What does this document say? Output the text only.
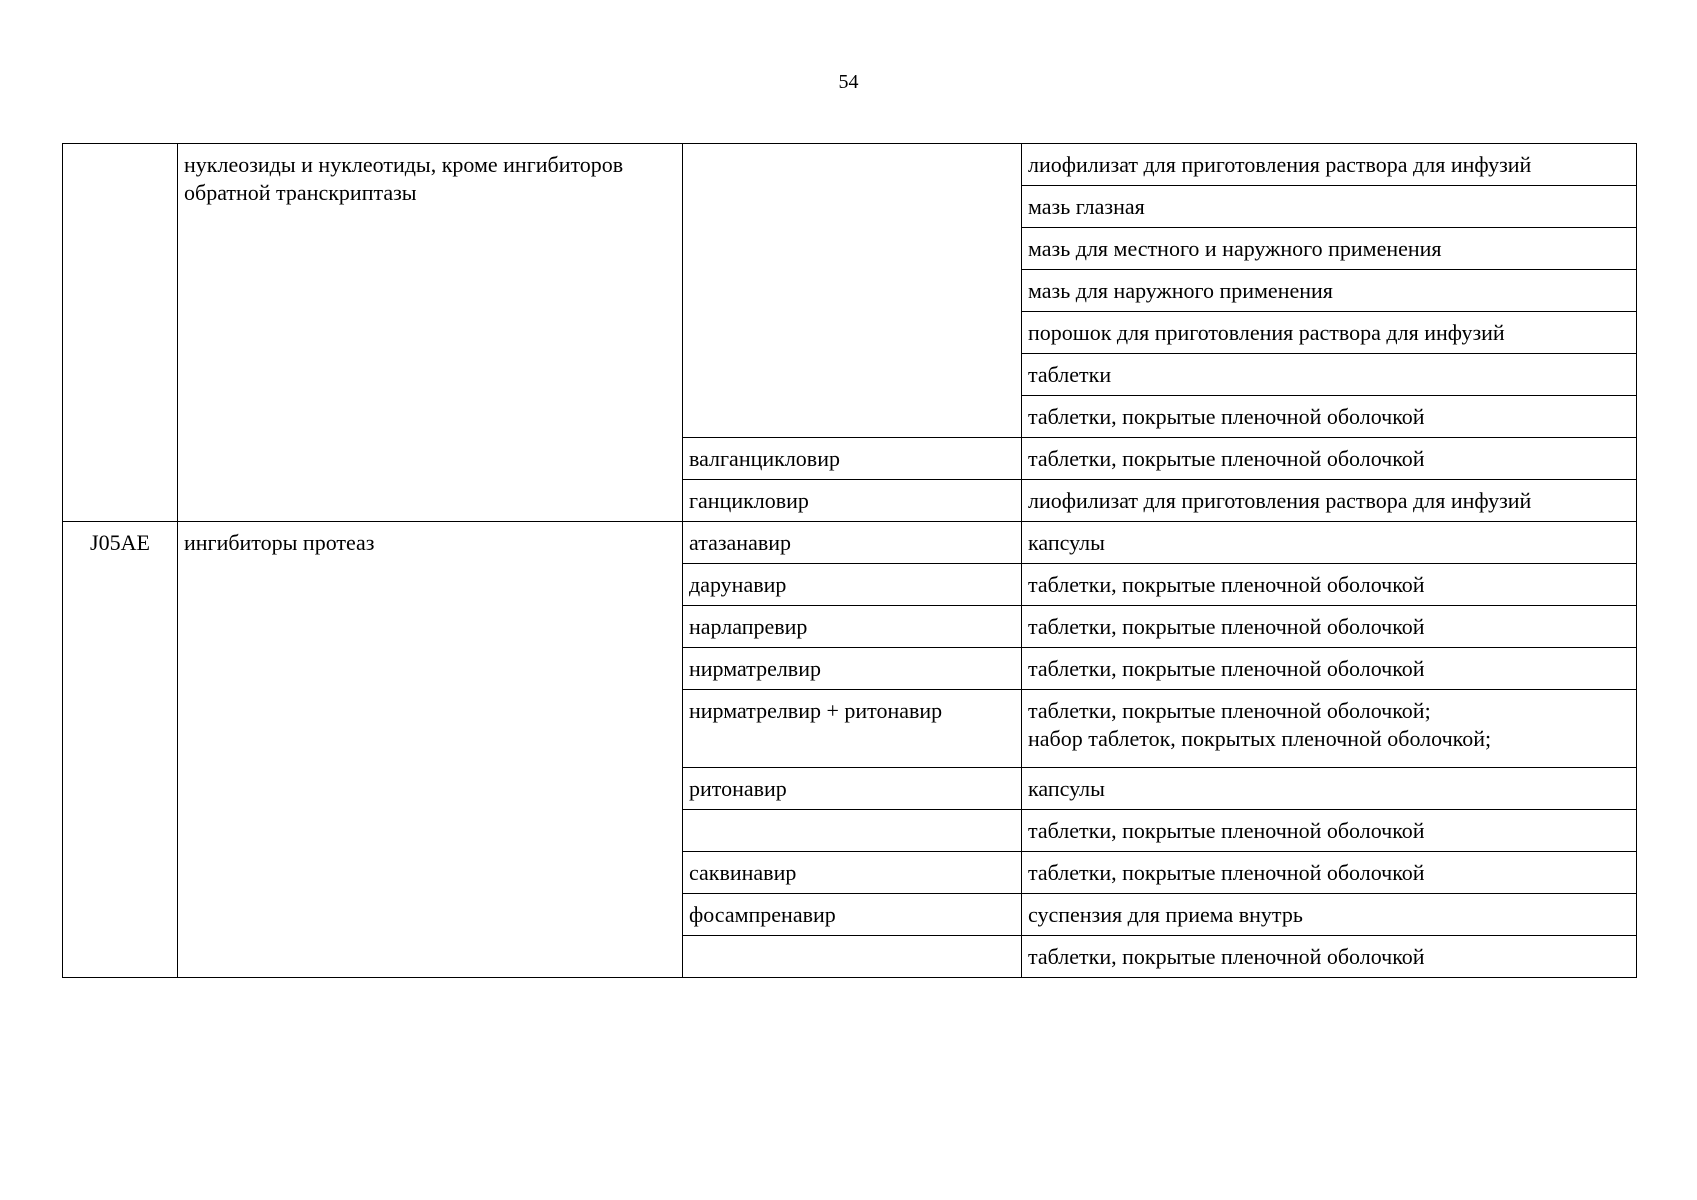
54
	нуклеозиды и нуклеотиды, кроме ингибиторов обратной транскриптазы		лиофилизат для приготовления раствора для инфузий
			мазь глазная
			мазь для местного и наружного применения
			мазь для наружного применения
			порошок для приготовления раствора для инфузий
			таблетки
			таблетки, покрытые пленочной оболочкой
		валганцикловир	таблетки, покрытые пленочной оболочкой
		ганцикловир	лиофилизат для приготовления раствора для инфузий
J05AE	ингибиторы протеаз	атазанавир	капсулы
		дарунавир	таблетки, покрытые пленочной оболочкой
		нарлапревир	таблетки, покрытые пленочной оболочкой
		нирматрелвир	таблетки, покрытые пленочной оболочкой
		нирматрелвир + ритонавир	таблетки, покрытые пленочной оболочкой;
набор таблеток, покрытых пленочной оболочкой;

		ритонавир	капсулы
			таблетки, покрытые пленочной оболочкой
		саквинавир	таблетки, покрытые пленочной оболочкой
		фосампренавир	суспензия для приема внутрь
			таблетки, покрытые пленочной оболочкой
